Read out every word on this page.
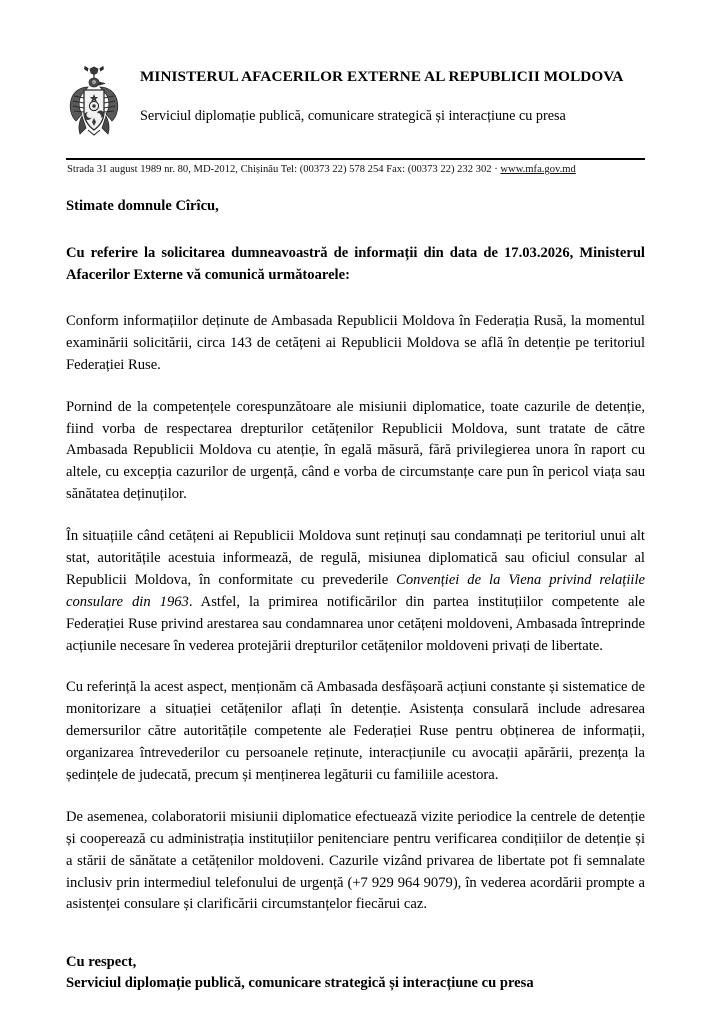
MINISTERUL AFACERILOR EXTERNE AL REPUBLICII MOLDOVA
Serviciul diplomație publică, comunicare strategică și interacțiune cu presa
Strada 31 august 1989 nr. 80, MD-2012, Chișinău Tel: (00373 22) 578 254 Fax: (00373 22) 232 302 · www.mfa.gov.md

Stimate domnule Cîrîcu,

Cu referire la solicitarea dumneavoastră de informații din data de 17.03.2026, Ministerul Afacerilor Externe vă comunică următoarele:

Conform informațiilor deținute de Ambasada Republicii Moldova în Federația Rusă, la momentul examinării solicitării, circa 143 de cetățeni ai Republicii Moldova se află în detenție pe teritoriul Federației Ruse.

Pornind de la competențele corespunzătoare ale misiunii diplomatice, toate cazurile de detenție, fiind vorba de respectarea drepturilor cetățenilor Republicii Moldova, sunt tratate de către Ambasada Republicii Moldova cu atenție, în egală măsură, fără privilegierea unora în raport cu altele, cu excepția cazurilor de urgență, când e vorba de circumstanțe care pun în pericol viața sau sănătatea deținuților.

În situațiile când cetățeni ai Republicii Moldova sunt reținuți sau condamnați pe teritoriul unui alt stat, autoritățile acestuia informează, de regulă, misiunea diplomatică sau oficiul consular al Republicii Moldova, în conformitate cu prevederile Convenției de la Viena privind relațiile consulare din 1963. Astfel, la primirea notificărilor din partea instituțiilor competente ale Federației Ruse privind arestarea sau condamnarea unor cetățeni moldoveni, Ambasada întreprinde acțiunile necesare în vederea protejării drepturilor cetățenilor moldoveni privați de libertate.

Cu referință la acest aspect, menționăm că Ambasada desfășoară acțiuni constante și sistematice de monitorizare a situației cetățenilor aflați în detenție. Asistența consulară include adresarea demersurilor către autoritățile competente ale Federației Ruse pentru obținerea de informații, organizarea întrevederilor cu persoanele reținute, interacțiunile cu avocații apărării, prezența la ședințele de judecată, precum și menținerea legăturii cu familiile acestora.

De asemenea, colaboratorii misiunii diplomatice efectuează vizite periodice la centrele de detenție și cooperează cu administrația instituțiilor penitenciare pentru verificarea condițiilor de detenție și a stării de sănătate a cetățenilor moldoveni. Cazurile vizând privarea de libertate pot fi semnalate inclusiv prin intermediul telefonului de urgență (+7 929 964 9079), în vederea acordării prompte a asistenței consulare și clarificării circumstanțelor fiecărui caz.

Cu respect,
Serviciul diplomație publică, comunicare strategică și interacțiune cu presa
